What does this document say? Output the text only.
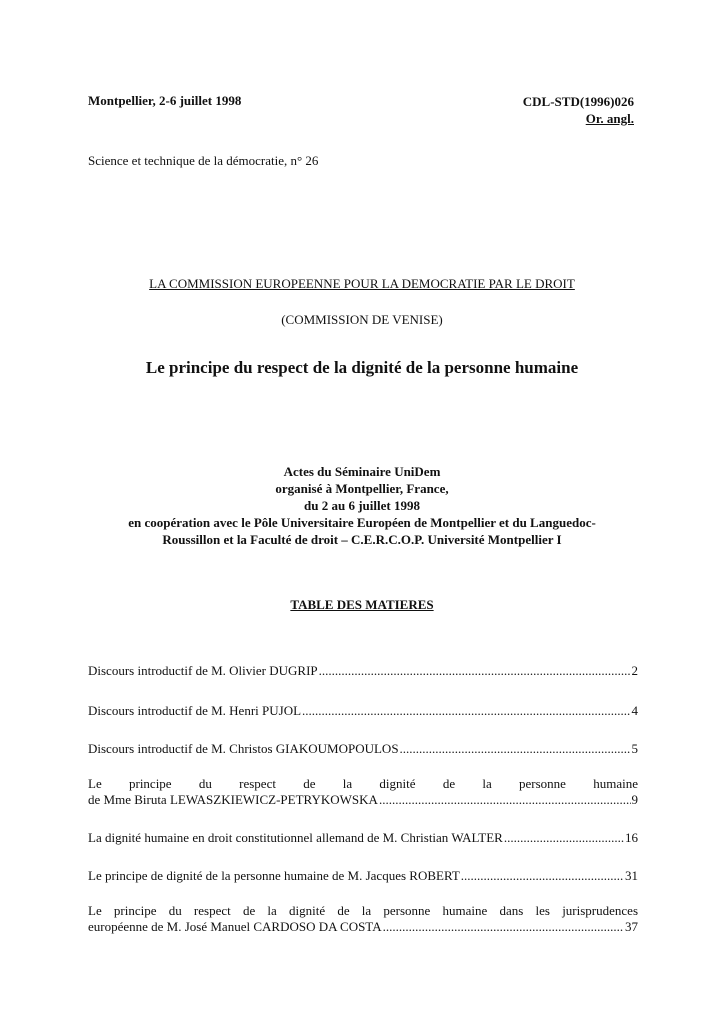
Montpellier, 2-6 juillet 1998	CDL-STD(1996)026
Or. angl.
Science et technique de la démocratie, n° 26
LA COMMISSION EUROPEENNE POUR LA DEMOCRATIE PAR LE DROIT
(COMMISSION DE VENISE)
Le principe du respect de la dignité de la personne humaine
Actes du Séminaire UniDem
organisé à Montpellier, France,
du 2 au 6 juillet 1998
en coopération avec le Pôle Universitaire Européen de Montpellier et du Languedoc-
Roussillon et la Faculté de droit – C.E.R.C.O.P. Université Montpellier I
TABLE DES MATIERES
Discours introductif de M. Olivier DUGRIP .....	2
Discours introductif de M. Henri PUJOL .....	4
Discours introductif de M. Christos GIAKOUMOPOULOS .....	5
Le principe du respect de la dignité de la personne humaine
de Mme Biruta LEWASZKIEWICZ-PETRYKOWSKA .....	9
La dignité humaine en droit constitutionnel allemand de M. Christian WALTER .....	16
Le principe de dignité de la personne humaine de M. Jacques ROBERT .....	31
Le principe du respect de la dignité de la personne humaine dans les jurisprudences
européenne de M. José Manuel CARDOSO DA COSTA .....	37
